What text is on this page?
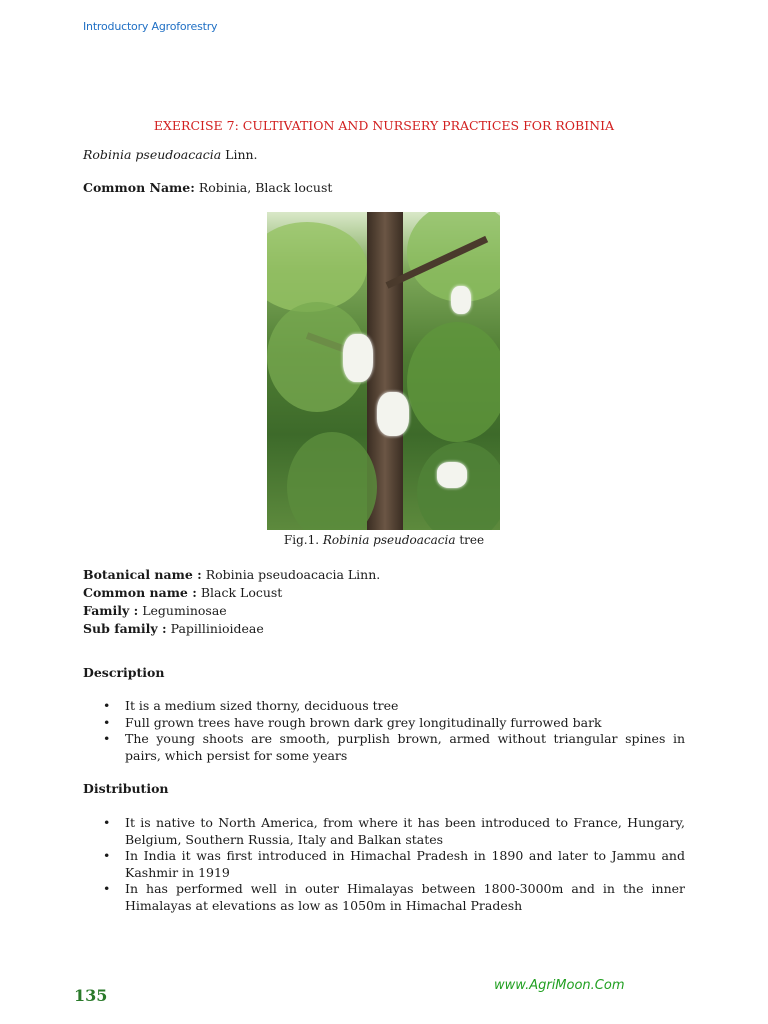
Introductory Agroforestry
EXERCISE 7: CULTIVATION AND NURSERY PRACTICES FOR ROBINIA
Robinia pseudoacacia Linn.
Common Name: Robinia, Black locust
Fig.1. Robinia pseudoacacia tree
Botanical name : Robinia pseudoacacia Linn.
Common name : Black Locust
Family : Leguminosae
Sub family : Papillinioideae
Description
• It is a medium sized thorny, deciduous tree
• Full grown trees have rough brown dark grey longitudinally furrowed bark
• The young shoots are smooth, purplish brown, armed without triangular spines in pairs, which persist for some years
Distribution
• It is native to North America, from where it has been introduced to France, Hungary, Belgium, Southern Russia, Italy and Balkan states
• In India it was first introduced in Himachal Pradesh in 1890 and later to Jammu and Kashmir in 1919
• In has performed well in outer Himalayas between 1800-3000m and in the inner Himalayas at elevations as low as 1050m in Himachal Pradesh
135
www.AgriMoon.Com
